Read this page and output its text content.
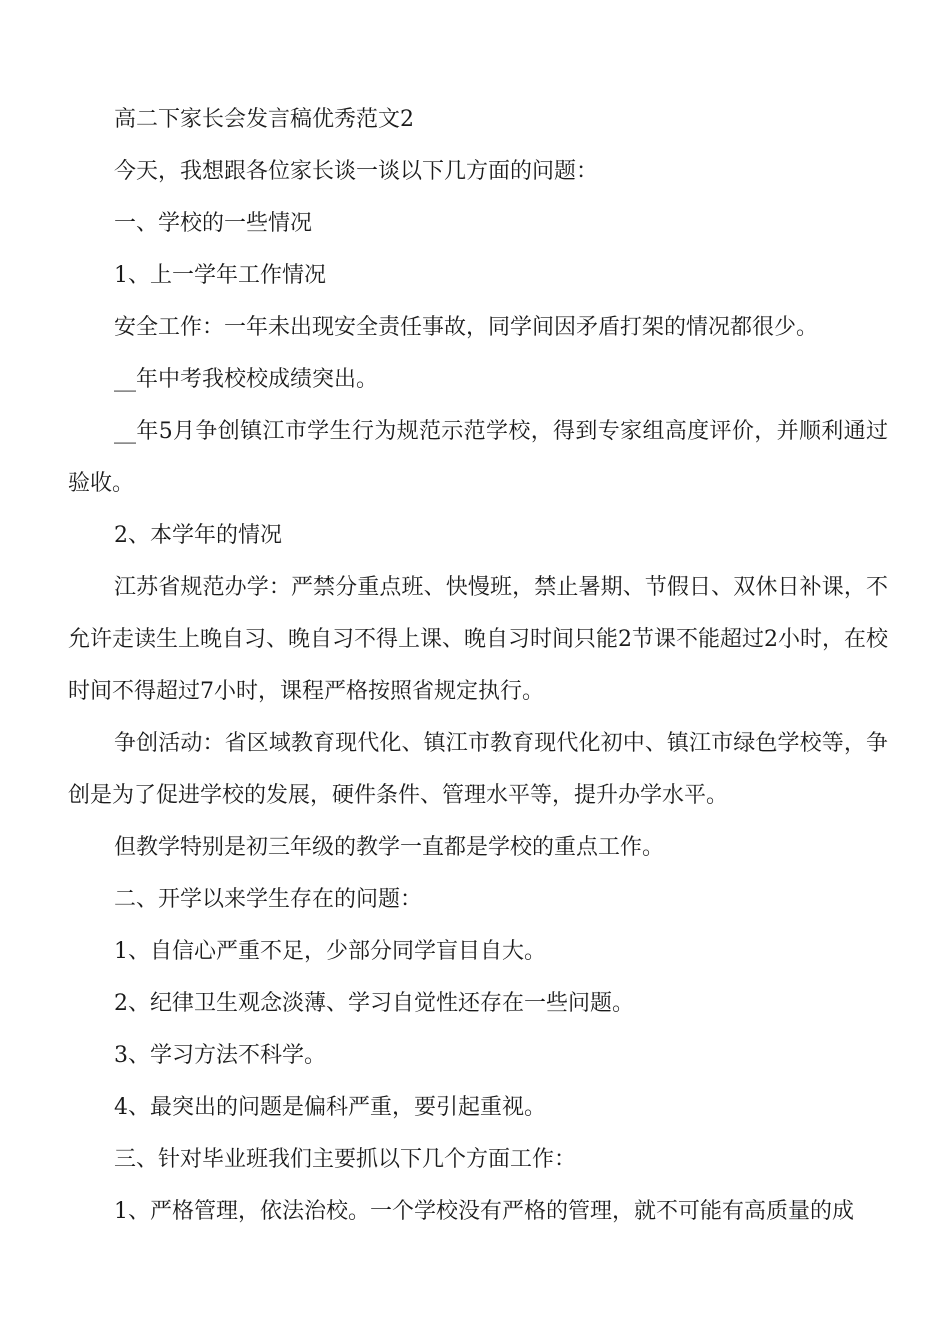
高二下家长会发言稿优秀范文2

今天，我想跟各位家长谈一谈以下几方面的问题：

一、学校的一些情况

1、上一学年工作情况

安全工作：一年未出现安全责任事故，同学间因矛盾打架的情况都很少。

__年中考我校校成绩突出。

__年5月争创镇江市学生行为规范示范学校，得到专家组高度评价，并顺利通过验收。

2、本学年的情况

江苏省规范办学：严禁分重点班、快慢班，禁止暑期、节假日、双休日补课，不允许走读生上晚自习、晚自习不得上课、晚自习时间只能2节课不能超过2小时，在校时间不得超过7小时，课程严格按照省规定执行。

争创活动：省区域教育现代化、镇江市教育现代化初中、镇江市绿色学校等，争创是为了促进学校的发展，硬件条件、管理水平等，提升办学水平。

但教学特别是初三年级的教学一直都是学校的重点工作。

二、开学以来学生存在的问题：

1、自信心严重不足，少部分同学盲目自大。

2、纪律卫生观念淡薄、学习自觉性还存在一些问题。

3、学习方法不科学。

4、最突出的问题是偏科严重，要引起重视。

三、针对毕业班我们主要抓以下几个方面工作：

1、严格管理，依法治校。一个学校没有严格的管理，就不可能有高质量的成
